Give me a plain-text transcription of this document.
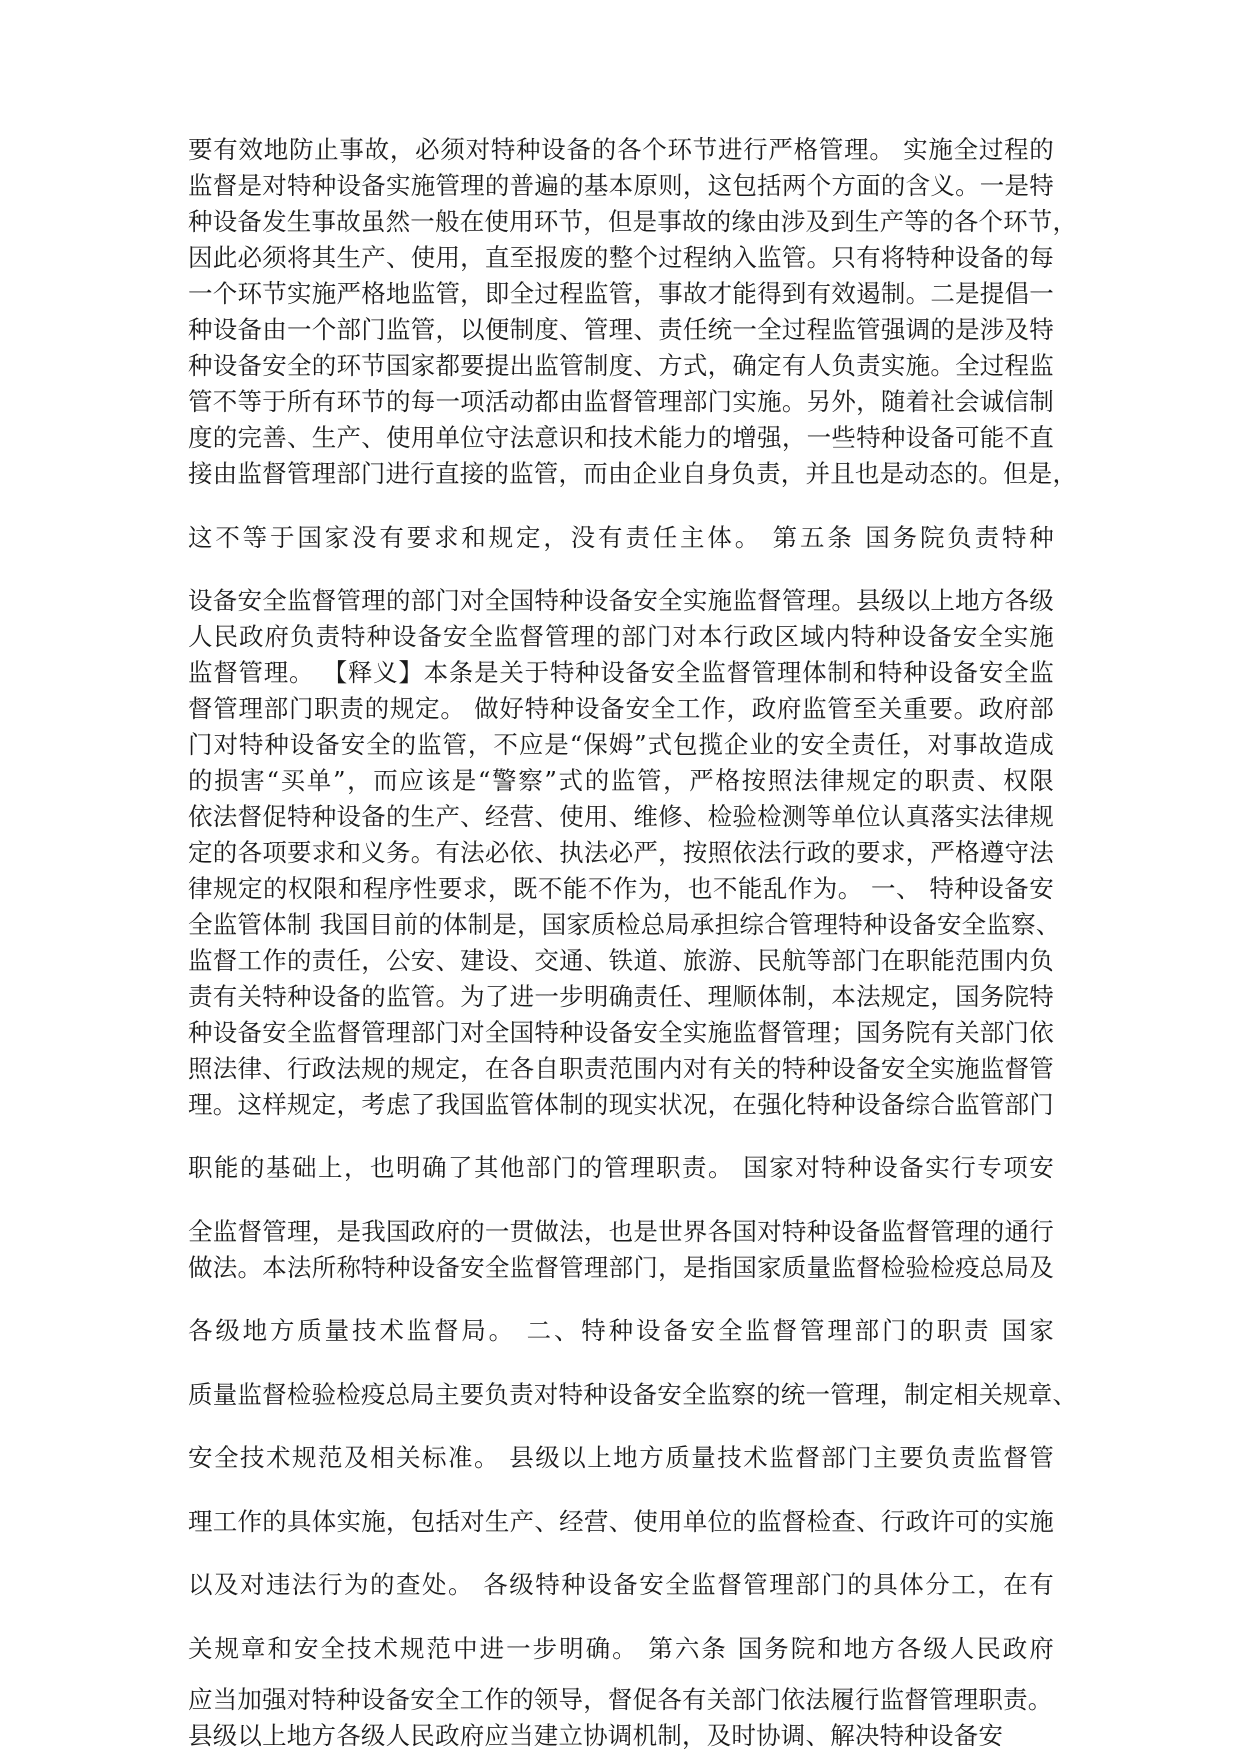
要有效地防止事故，必须对特种设备的各个环节进行严格管理。 实施全过程的
监督是对特种设备实施管理的普遍的基本原则，这包括两个方面的含义。一是特
种设备发生事故虽然一般在使用环节，但是事故的缘由涉及到生产等的各个环节，
因此必须将其生产、使用，直至报废的整个过程纳入监管。只有将特种设备的每
一个环节实施严格地监管，即全过程监管，事故才能得到有效遏制。二是提倡一
种设备由一个部门监管，以便制度、管理、责任统一全过程监管强调的是涉及特
种设备安全的环节国家都要提出监管制度、方式，确定有人负责实施。全过程监
管不等于所有环节的每一项活动都由监督管理部门实施。另外，随着社会诚信制
度的完善、生产、使用单位守法意识和技术能力的增强，一些特种设备可能不直
接由监督管理部门进行直接的监管，而由企业自身负责，并且也是动态的。但是，
这不等于国家没有要求和规定，没有责任主体。 第五条 国务院负责特种
设备安全监督管理的部门对全国特种设备安全实施监督管理。县级以上地方各级
人民政府负责特种设备安全监督管理的部门对本行政区域内特种设备安全实施
监督管理。 【释义】本条是关于特种设备安全监督管理体制和特种设备安全监
督管理部门职责的规定。 做好特种设备安全工作，政府监管至关重要。政府部
门对特种设备安全的监管，不应是“保姆”式包揽企业的安全责任，对事故造成
的损害“买单”，而应该是“警察”式的监管，严格按照法律规定的职责、权限
依法督促特种设备的生产、经营、使用、维修、检验检测等单位认真落实法律规
定的各项要求和义务。有法必依、执法必严，按照依法行政的要求，严格遵守法
律规定的权限和程序性要求，既不能不作为，也不能乱作为。 一、 特种设备安
全监管体制 我国目前的体制是，国家质检总局承担综合管理特种设备安全监察、
监督工作的责任，公安、建设、交通、铁道、旅游、民航等部门在职能范围内负
责有关特种设备的监管。为了进一步明确责任、理顺体制，本法规定，国务院特
种设备安全监督管理部门对全国特种设备安全实施监督管理；国务院有关部门依
照法律、行政法规的规定，在各自职责范围内对有关的特种设备安全实施监督管
理。这样规定，考虑了我国监管体制的现实状况，在强化特种设备综合监管部门
职能的基础上，也明确了其他部门的管理职责。 国家对特种设备实行专项安
全监督管理，是我国政府的一贯做法，也是世界各国对特种设备监督管理的通行
做法。本法所称特种设备安全监督管理部门，是指国家质量监督检验检疫总局及
各级地方质量技术监督局。 二、特种设备安全监督管理部门的职责 国家
质量监督检验检疫总局主要负责对特种设备安全监察的统一管理，制定相关规章、
安全技术规范及相关标准。 县级以上地方质量技术监督部门主要负责监督管
理工作的具体实施，包括对生产、经营、使用单位的监督检查、行政许可的实施
以及对违法行为的查处。 各级特种设备安全监督管理部门的具体分工，在有
关规章和安全技术规范中进一步明确。 第六条 国务院和地方各级人民政府
应当加强对特种设备安全工作的领导，督促各有关部门依法履行监督管理职责。
县级以上地方各级人民政府应当建立协调机制，及时协调、解决特种设备安
